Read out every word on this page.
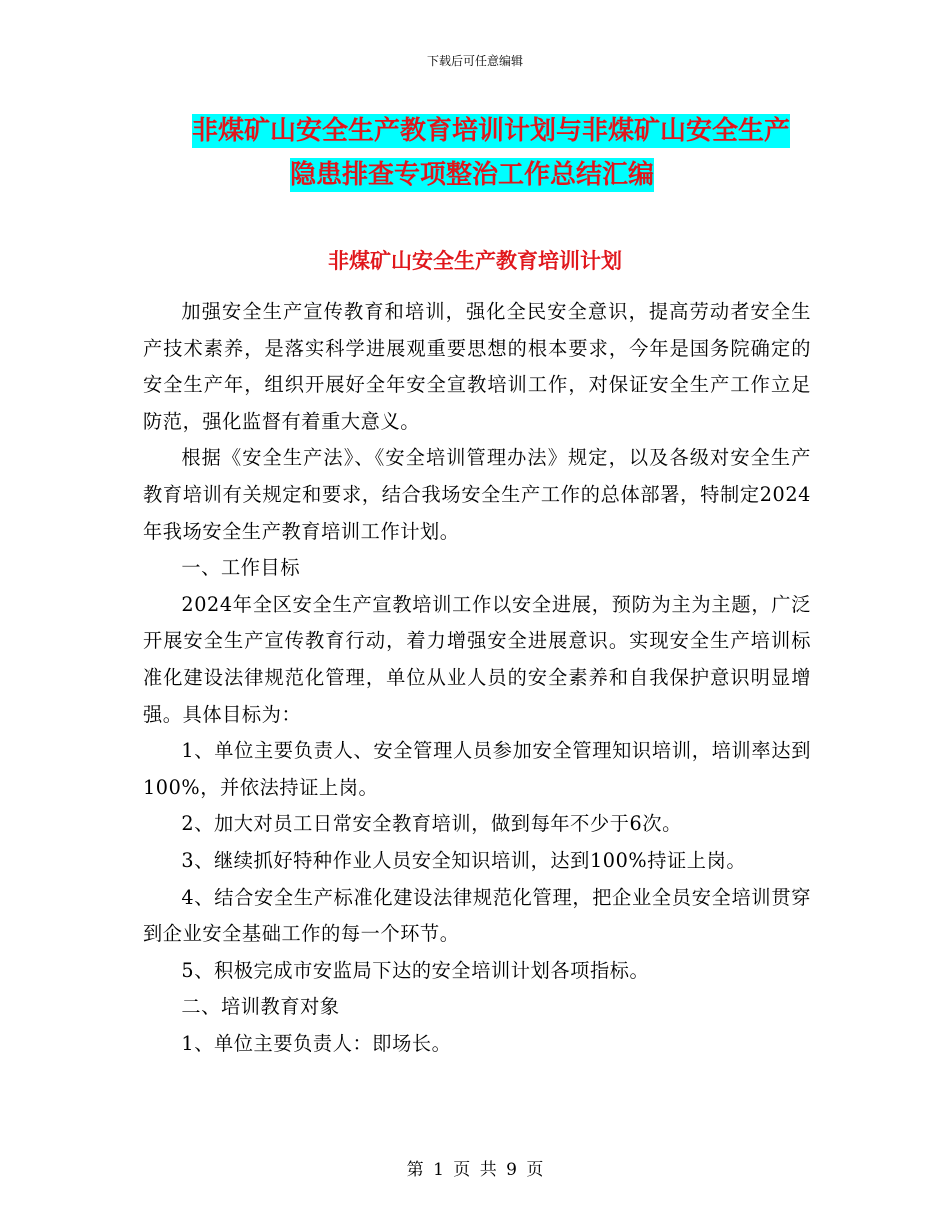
下载后可任意编辑
非煤矿山安全生产教育培训计划与非煤矿山安全生产
隐患排查专项整治工作总结汇编
非煤矿山安全生产教育培训计划

加强安全生产宣传教育和培训，强化全民安全意识，提高劳动者安全生产技术素养，是落实科学进展观重要思想的根本要求，今年是国务院确定的安全生产年，组织开展好全年安全宣教培训工作，对保证安全生产工作立足防范，强化监督有着重大意义。

根据《安全生产法》、《安全培训管理办法》规定，以及各级对安全生产教育培训有关规定和要求，结合我场安全生产工作的总体部署，特制定2024年我场安全生产教育培训工作计划。

一、工作目标

2024年全区安全生产宣教培训工作以安全进展，预防为主为主题，广泛开展安全生产宣传教育行动，着力增强安全进展意识。实现安全生产培训标准化建设法律规范化管理，单位从业人员的安全素养和自我保护意识明显增强。具体目标为：

1、单位主要负责人、安全管理人员参加安全管理知识培训，培训率达到100%，并依法持证上岗。

2、加大对员工日常安全教育培训，做到每年不少于6次。

3、继续抓好特种作业人员安全知识培训，达到100%持证上岗。

4、结合安全生产标准化建设法律规范化管理，把企业全员安全培训贯穿到企业安全基础工作的每一个环节。

5、积极完成市安监局下达的安全培训计划各项指标。

二、培训教育对象

1、单位主要负责人：即场长。

第 1 页 共 9 页
